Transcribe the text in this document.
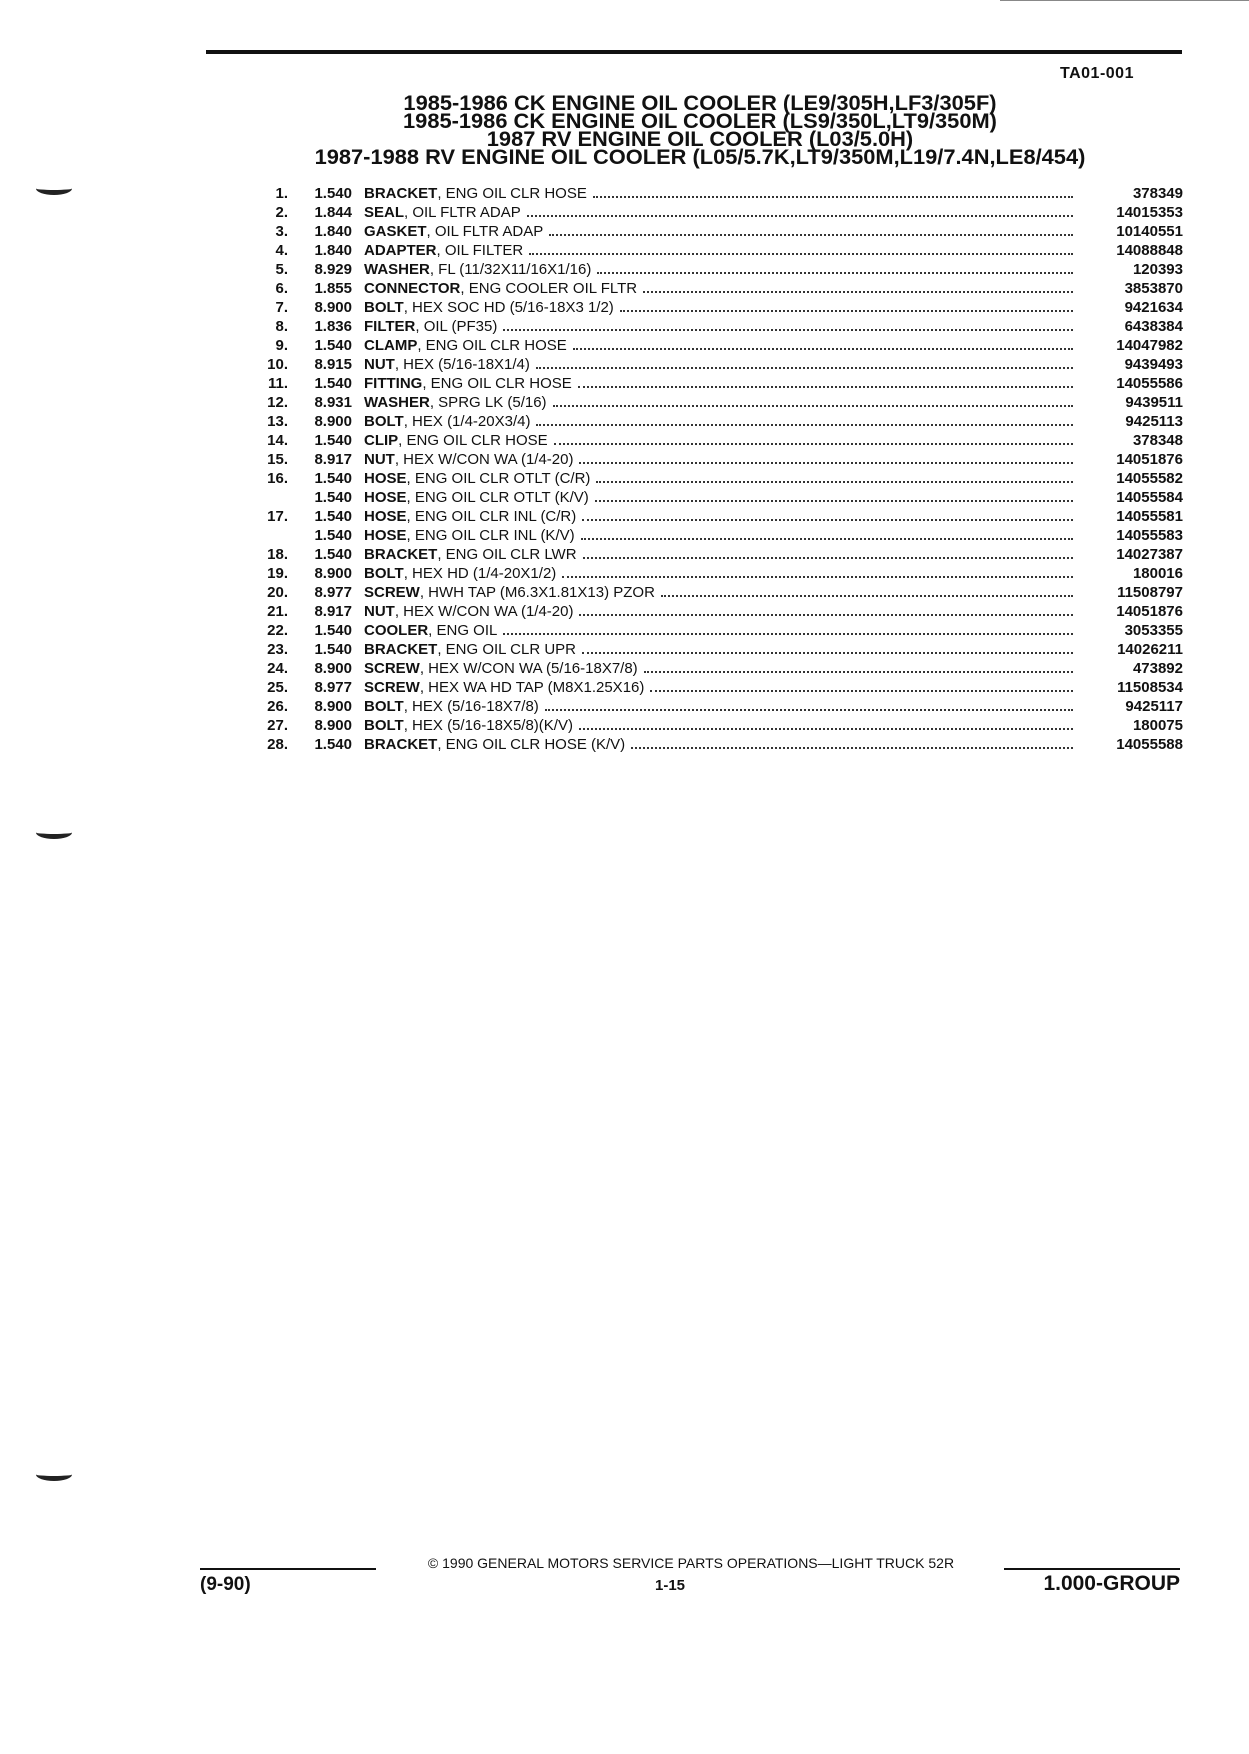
TA01-001
1985-1986 CK ENGINE OIL COOLER (LE9/305H,LF3/305F)
1985-1986 CK ENGINE OIL COOLER (LS9/350L,LT9/350M)
1987 RV ENGINE OIL COOLER (L03/5.0H)
1987-1988 RV ENGINE OIL COOLER (L05/5.7K,LT9/350M,L19/7.4N,LE8/454)
1.	1.540 BRACKET , ENG OIL CLR HOSE	378349
2.	1.844 SEAL , OIL FLTR ADAP	14015353
3.	1.840 GASKET , OIL FLTR ADAP	10140551
4.	1.840 ADAPTER , OIL FILTER	14088848
5.	8.929 WASHER , FL (11/32X11/16X1/16)	120393
6.	1.855 CONNECTOR , ENG COOLER OIL FLTR	3853870
7.	8.900 BOLT , HEX SOC HD (5/16-18X3 1/2)	9421634
8.	1.836 FILTER , OIL (PF35)	6438384
9.	1.540 CLAMP , ENG OIL CLR HOSE	14047982
10.	8.915 NUT , HEX (5/16-18X1/4)	9439493
11.	1.540 FITTING , ENG OIL CLR HOSE	14055586
12.	8.931 WASHER , SPRG LK (5/16)	9439511
13.	8.900 BOLT , HEX (1/4-20X3/4)	9425113
14.	1.540 CLIP , ENG OIL CLR HOSE	378348
15.	8.917 NUT , HEX W/CON WA (1/4-20)	14051876
16.	1.540 HOSE , ENG OIL CLR OTLT (C/R)	14055582
1.540 HOSE , ENG OIL CLR OTLT (K/V)	14055584
17.	1.540 HOSE , ENG OIL CLR INL (C/R)	14055581
1.540 HOSE , ENG OIL CLR INL (K/V)	14055583
18.	1.540 BRACKET , ENG OIL CLR LWR	14027387
19.	8.900 BOLT , HEX HD (1/4-20X1/2)	180016
20.	8.977 SCREW , HWH TAP (M6.3X1.81X13) PZOR	11508797
21.	8.917 NUT , HEX W/CON WA (1/4-20)	14051876
22.	1.540 COOLER , ENG OIL	3053355
23.	1.540 BRACKET , ENG OIL CLR UPR	14026211
24.	8.900 SCREW , HEX W/CON WA (5/16-18X7/8)	473892
25.	8.977 SCREW , HEX WA HD TAP (M8X1.25X16)	11508534
26.	8.900 BOLT , HEX (5/16-18X7/8)	9425117
27.	8.900 BOLT , HEX (5/16-18X5/8)(K/V)	180075
28.	1.540 BRACKET , ENG OIL CLR HOSE (K/V)	14055588
© 1990 GENERAL MOTORS SERVICE PARTS OPERATIONS—LIGHT TRUCK 52R
(9-90)	1-15	1.000-GROUP
